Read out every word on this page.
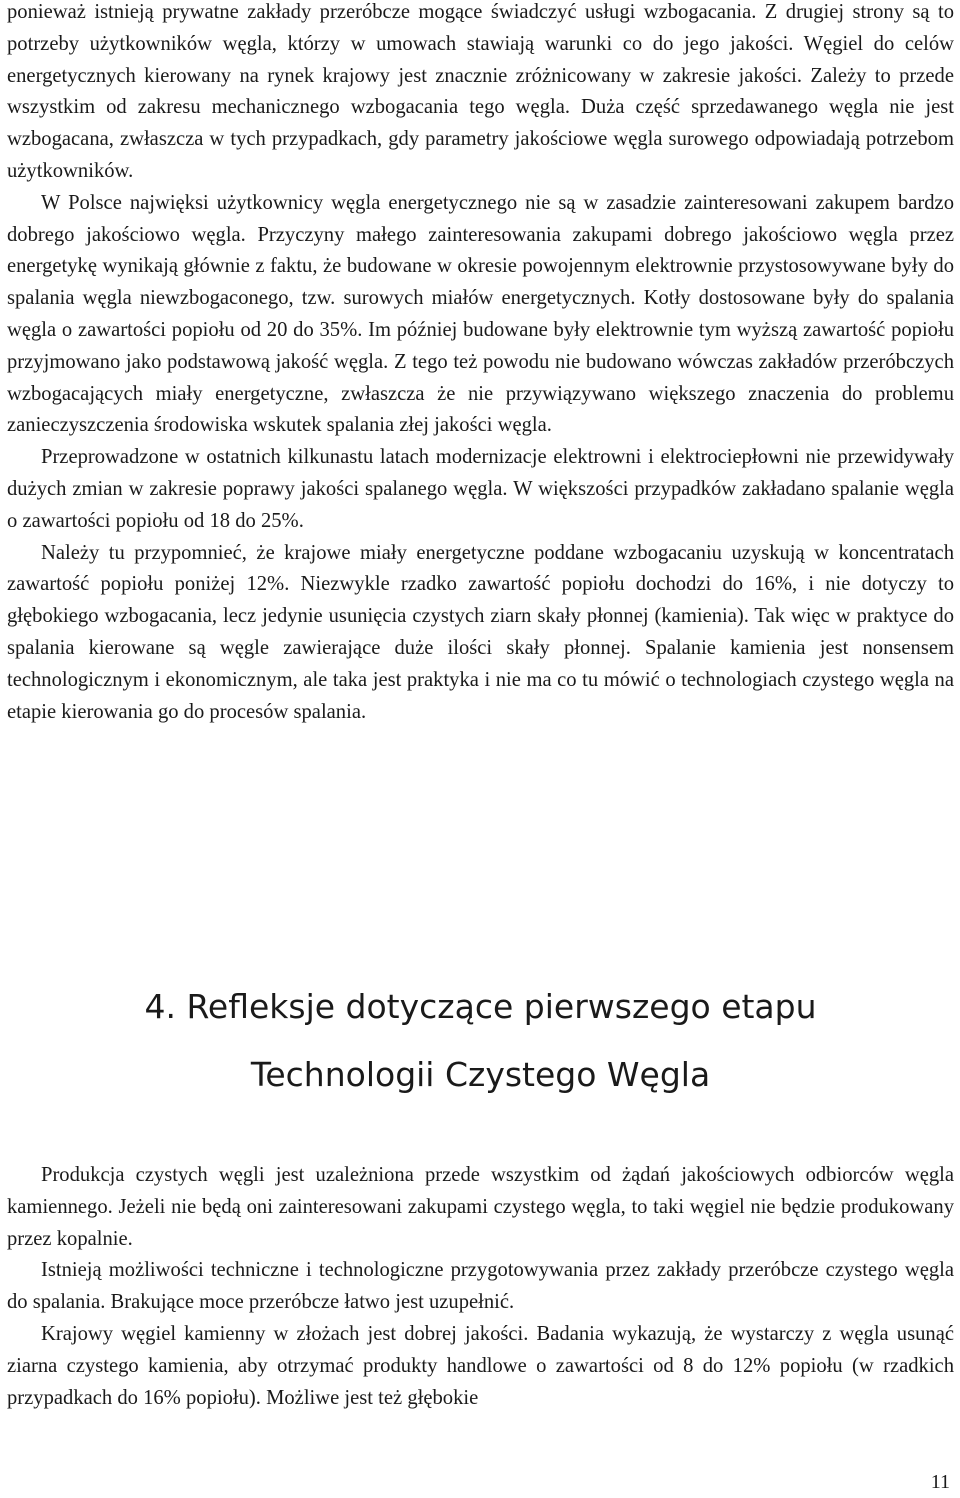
ponieważ istnieją prywatne zakłady przeróbcze mogące świadczyć usługi wzbogacania. Z drugiej strony są to potrzeby użytkowników węgla, którzy w umowach stawiają warunki co do jego jakości. Węgiel do celów energetycznych kierowany na rynek krajowy jest znacznie zróżnicowany w zakresie jakości. Zależy to przede wszystkim od zakresu mechanicznego wzbogacania tego węgla. Duża część sprzedawanego węgla nie jest wzbogacana, zwłaszcza w tych przypadkach, gdy parametry jakościowe węgla surowego odpowiadają potrzebom użytkowników.

W Polsce najwięksi użytkownicy węgla energetycznego nie są w zasadzie zainteresowani zakupem bardzo dobrego jakościowo węgla. Przyczyny małego zainteresowania zakupami dobrego jakościowo węgla przez energetykę wynikają głównie z faktu, że budowane w okresie powojennym elektrownie przystosowywane były do spalania węgla niewzbogaconego, tzw. surowych miałów energetycznych. Kotły dostosowane były do spalania węgla o zawartości popiołu od 20 do 35%. Im później budowane były elektrownie tym wyższą zawartość popiołu przyjmowano jako podstawową jakość węgla. Z tego też powodu nie budowano wówczas zakładów przeróbczych wzbogacających miały energetyczne, zwłaszcza że nie przywiązywano większego znaczenia do problemu zanieczyszczenia środowiska wskutek spalania złej jakości węgla.

Przeprowadzone w ostatnich kilkunastu latach modernizacje elektrowni i elektrociepłowni nie przewidywały dużych zmian w zakresie poprawy jakości spalanego węgla. W większości przypadków zakładano spalanie węgla o zawartości popiołu od 18 do 25%.

Należy tu przypomnieć, że krajowe miały energetyczne poddane wzbogacaniu uzyskują w koncentratach zawartość popiołu poniżej 12%. Niezwykle rzadko zawartość popiołu dochodzi do 16%, i nie dotyczy to głębokiego wzbogacania, lecz jedynie usunięcia czystych ziarn skały płonnej (kamienia). Tak więc w praktyce do spalania kierowane są węgle zawierające duże ilości skały płonnej. Spalanie kamienia jest nonsensem technologicznym i ekonomicznym, ale taka jest praktyka i nie ma co tu mówić o technologiach czystego węgla na etapie kierowania go do procesów spalania.

4. Refleksje dotyczące pierwszego etapu
Technologii Czystego Węgla

Produkcja czystych węgli jest uzależniona przede wszystkim od żądań jakościowych odbiorców węgla kamiennego. Jeżeli nie będą oni zainteresowani zakupami czystego węgla, to taki węgiel nie będzie produkowany przez kopalnie.

Istnieją możliwości techniczne i technologiczne przygotowywania przez zakłady przeróbcze czystego węgla do spalania. Brakujące moce przeróbcze łatwo jest uzupełnić.

Krajowy węgiel kamienny w złożach jest dobrej jakości. Badania wykazują, że wystarczy z węgla usunąć ziarna czystego kamienia, aby otrzymać produkty handlowe o zawartości od 8 do 12% popiołu (w rzadkich przypadkach do 16% popiołu). Możliwe jest też głębokie

11
